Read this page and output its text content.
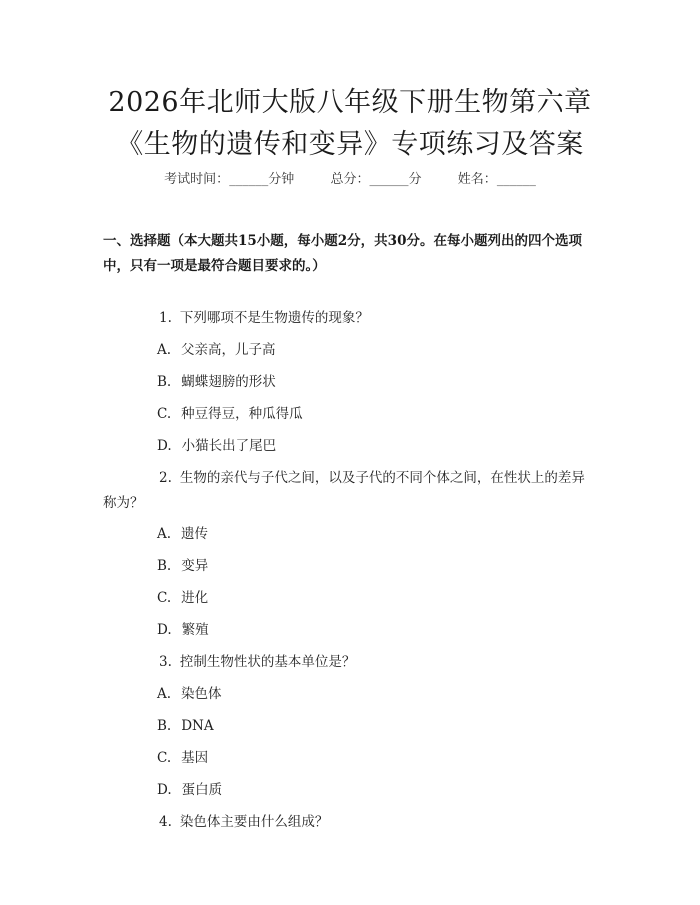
2026年北师大版八年级下册生物第六章《生物的遗传和变异》专项练习及答案
考试时间：______分钟	总分：______分	姓名：______
一、选择题（本大题共15小题，每小题2分，共30分。在每小题列出的四个选项中，只有一项是最符合题目要求的。）
1. 下列哪项不是生物遗传的现象？
A. 父亲高，儿子高
B. 蝴蝶翅膀的形状
C. 种豆得豆，种瓜得瓜
D. 小猫长出了尾巴
2. 生物的亲代与子代之间，以及子代的不同个体之间，在性状上的差异称为？
A. 遗传
B. 变异
C. 进化
D. 繁殖
3. 控制生物性状的基本单位是？
A. 染色体
B. DNA
C. 基因
D. 蛋白质
4. 染色体主要由什么组成？
